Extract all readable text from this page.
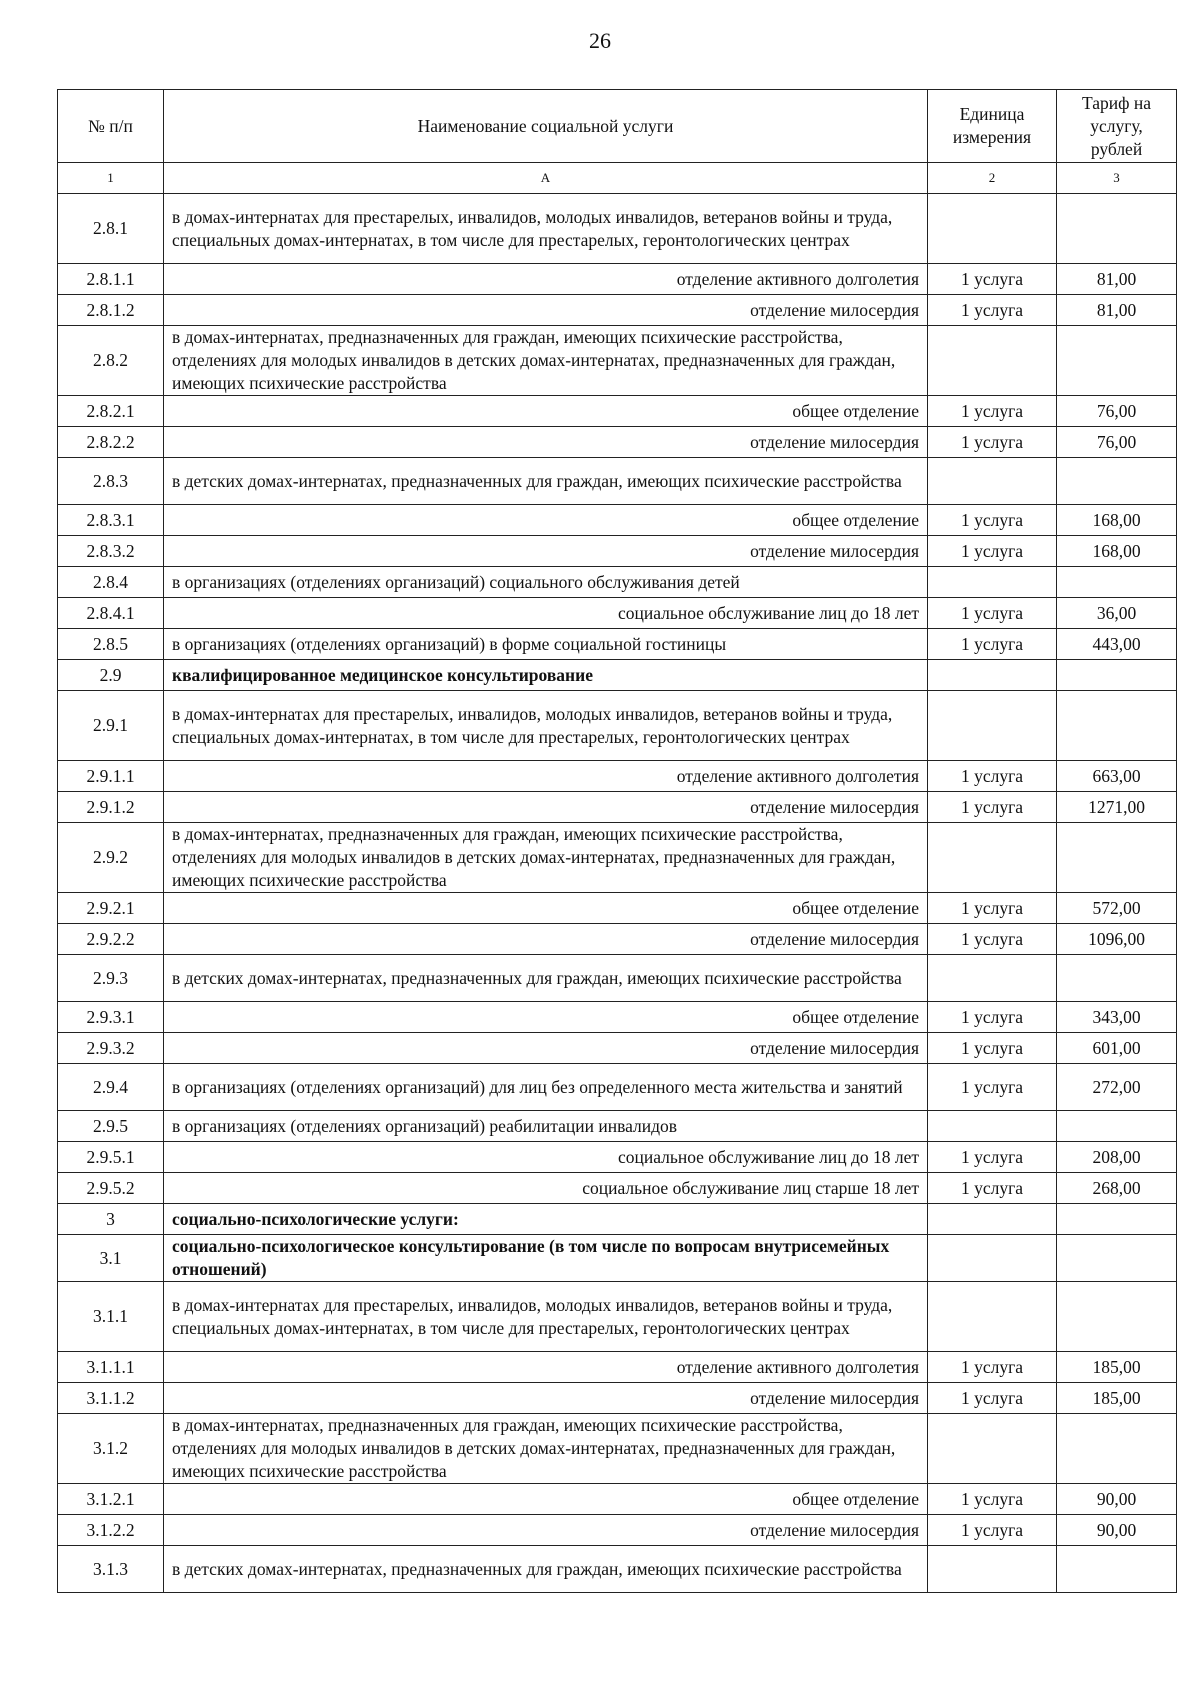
26
№ п/п	Наименование социальной услуги	Единица измерения	Тариф на услугу, рублей
1	А	2	3
2.8.1	в домах-интернатах для престарелых, инвалидов, молодых инвалидов, ветеранов войны и труда, специальных домах-интернатах, в том числе для престарелых, геронтологических центрах		
2.8.1.1	отделение активного долголетия	1 услуга	81,00
2.8.1.2	отделение милосердия	1 услуга	81,00
2.8.2	в домах-интернатах, предназначенных для граждан, имеющих психические расстройства, отделениях для молодых инвалидов в детских домах-интернатах, предназначенных для граждан, имеющих психические расстройства		
2.8.2.1	общее отделение	1 услуга	76,00
2.8.2.2	отделение милосердия	1 услуга	76,00
2.8.3	в детских домах-интернатах, предназначенных для граждан, имеющих психические расстройства		
2.8.3.1	общее отделение	1 услуга	168,00
2.8.3.2	отделение милосердия	1 услуга	168,00
2.8.4	в организациях (отделениях организаций) социального обслуживания детей		
2.8.4.1	социальное обслуживание лиц до 18 лет	1 услуга	36,00
2.8.5	в организациях (отделениях организаций) в форме социальной гостиницы	1 услуга	443,00
2.9	квалифицированное медицинское консультирование		
2.9.1	в домах-интернатах для престарелых, инвалидов, молодых инвалидов, ветеранов войны и труда, специальных домах-интернатах, в том числе для престарелых, геронтологических центрах		
2.9.1.1	отделение активного долголетия	1 услуга	663,00
2.9.1.2	отделение милосердия	1 услуга	1271,00
2.9.2	в домах-интернатах, предназначенных для граждан, имеющих психические расстройства, отделениях для молодых инвалидов в детских домах-интернатах, предназначенных для граждан, имеющих психические расстройства		
2.9.2.1	общее отделение	1 услуга	572,00
2.9.2.2	отделение милосердия	1 услуга	1096,00
2.9.3	в детских домах-интернатах, предназначенных для граждан, имеющих психические расстройства		
2.9.3.1	общее отделение	1 услуга	343,00
2.9.3.2	отделение милосердия	1 услуга	601,00
2.9.4	в организациях (отделениях организаций) для лиц без определенного места жительства и занятий	1 услуга	272,00
2.9.5	в организациях (отделениях организаций) реабилитации инвалидов		
2.9.5.1	социальное обслуживание лиц до 18 лет	1 услуга	208,00
2.9.5.2	социальное обслуживание лиц старше 18 лет	1 услуга	268,00
3	социально-психологические услуги:		
3.1	социально-психологическое консультирование (в том числе по вопросам внутрисемейных отношений)		
3.1.1	в домах-интернатах для престарелых, инвалидов, молодых инвалидов, ветеранов войны и труда, специальных домах-интернатах, в том числе для престарелых, геронтологических центрах		
3.1.1.1	отделение активного долголетия	1 услуга	185,00
3.1.1.2	отделение милосердия	1 услуга	185,00
3.1.2	в домах-интернатах, предназначенных для граждан, имеющих психические расстройства, отделениях для молодых инвалидов в детских домах-интернатах, предназначенных для граждан, имеющих психические расстройства		
3.1.2.1	общее отделение	1 услуга	90,00
3.1.2.2	отделение милосердия	1 услуга	90,00
3.1.3	в детских домах-интернатах, предназначенных для граждан, имеющих психические расстройства		
